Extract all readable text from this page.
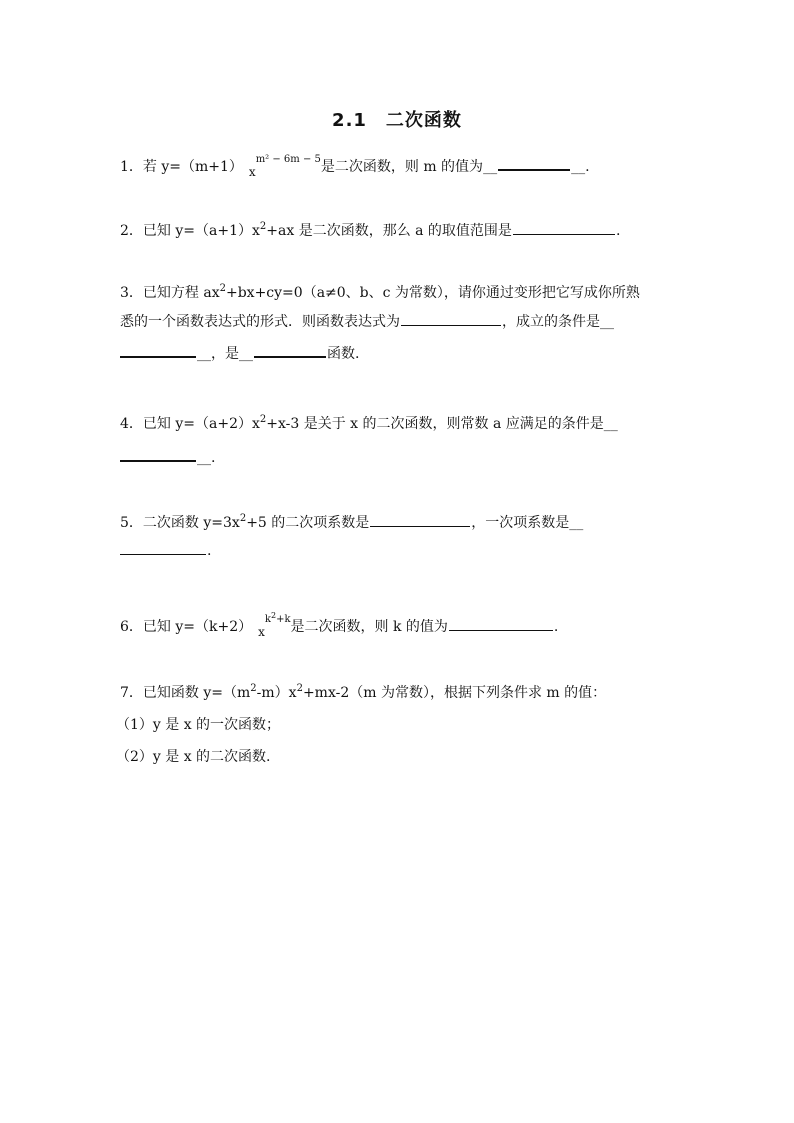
2.1　二次函数
1．若 y=（m+1） $x^{m^2 - 6m - 5}$是二次函数，则 m 的值为__	__.
2．已知 $y=(a+1)x^2+ax$ 是二次函数，那么 a 的取值范围是	.
3．已知方程 $ax^2+bx+cy=0(a\ne 0$、b、c 为常数），请你通过变形把它写成你所熟
悉的一个函数表达式的形式．则函数表达式为	，成立的条件是__
__，是__	函数.
4．已知 $y=(a+2)x^2+x-3$ 是关于 x 的二次函数，则常数 a 应满足的条件是__
__.
5．二次函数 $y=3x^2+5$ 的二次项系数是	，一次项系数是__
.
6．已知 y=（k+2） $x^{k^2+k}$是二次函数，则 k 的值为	.
7．已知函数 $y=(m^2-m)x^2+mx-2(m$ 为常数），根据下列条件求 m 的值：
（1）y 是 x 的一次函数；
（2）y 是 x 的二次函数.
